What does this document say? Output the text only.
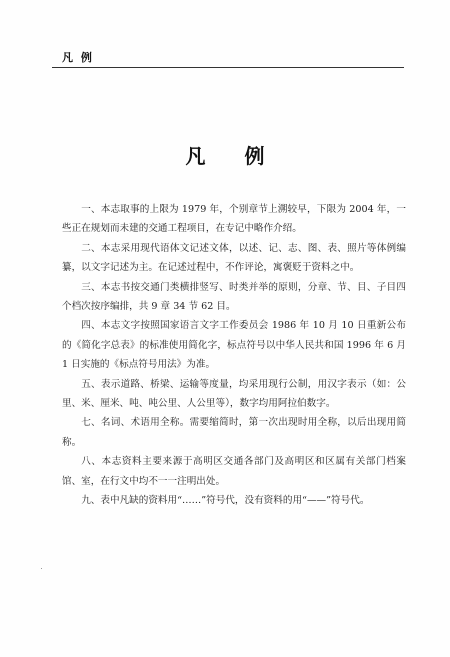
凡 例
凡 例

一、本志取事的上限为 1979 年，个别章节上溯较早，下限为 2004 年，一些正在规划而未建的交通工程项目，在专记中略作介绍。

二、本志采用现代语体文记述文体，以述、记、志、图、表、照片等体例编纂，以文字记述为主。在记述过程中，不作评论，寓褒贬于资料之中。

三、本志书按交通门类横排竖写、时类并举的原则，分章、节、目、子目四个档次按序编排，共 9 章 34 节 62 目。

四、本志文字按照国家语言文字工作委员会 1986 年 10 月 10 日重新公布的《简化字总表》的标准使用简化字，标点符号以中华人民共和国 1996 年 6 月 1 日实施的《标点符号用法》为准。

五、表示道路、桥梁、运输等度量，均采用现行公制，用汉字表示（如：公里、米、厘米、吨、吨公里、人公里等），数字均用阿拉伯数字。

七、名词、术语用全称。需要缩简时，第一次出现时用全称，以后出现用简称。

八、本志资料主要来源于高明区交通各部门及高明区和区属有关部门档案馆、室，在行文中均不一一注明出处。

九、表中凡缺的资料用“……”符号代，没有资料的用“——”符号代。
